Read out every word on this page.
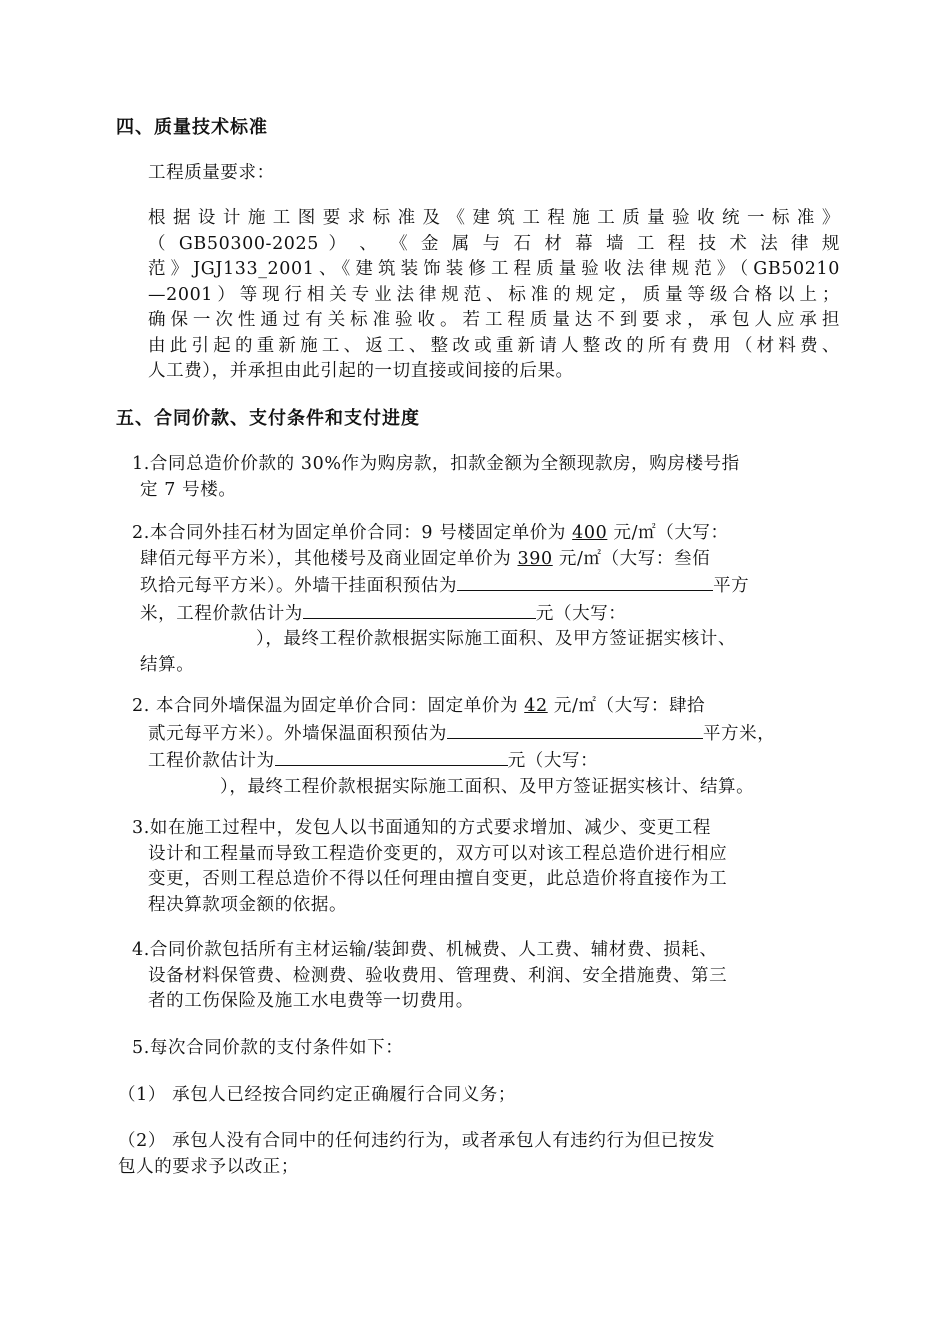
四、质量技术标准
工程质量要求：
根据设计施工图要求标准及《建筑工程施工质量验收统一标准》
（ GB50300-2025 ） 、 《 金 属 与 石 材 幕 墙 工 程 技 术 法 律 规
范》JGJ133_2001、《建筑装饰装修工程质量验收法律规范》（GB50210
—2001）等现行相关专业法律规范、标准的规定，质量等级合格以上；
确保一次性通过有关标准验收。若工程质量达不到要求，承包人应承担
由此引起的重新施工、返工、整改或重新请人整改的所有费用（材料费、
人工费），并承担由此引起的一切直接或间接的后果。
五、合同价款、支付条件和支付进度
1.合同总造价价款的 30%作为购房款，扣款金额为全额现款房，购房楼号指
定 7 号楼。
2.本合同外挂石材为固定单价合同：9 号楼固定单价为 400 元/㎡（大写：
肆佰元每平方米），其他楼号及商业固定单价为 390 元/㎡（大写：叁佰
玖拾元每平方米）。外墙干挂面积预估为	平方
米，工程价款估计为	元（大写：
），最终工程价款根据实际施工面积、及甲方签证据实核计、
结算。
2. 本合同外墙保温为固定单价合同：固定单价为 42 元/㎡（大写：肆拾
贰元每平方米）。外墙保温面积预估为	平方米，
工程价款估计为	元（大写：
），最终工程价款根据实际施工面积、及甲方签证据实核计、结算。
3.如在施工过程中，发包人以书面通知的方式要求增加、减少、变更工程
设计和工程量而导致工程造价变更的，双方可以对该工程总造价进行相应
变更，否则工程总造价不得以任何理由擅自变更，此总造价将直接作为工
程决算款项金额的依据。
4.合同价款包括所有主材运输/装卸费、机械费、人工费、辅材费、损耗、
设备材料保管费、检测费、验收费用、管理费、利润、安全措施费、第三
者的工伤保险及施工水电费等一切费用。
5.每次合同价款的支付条件如下：
（1） 承包人已经按合同约定正确履行合同义务；
（2） 承包人没有合同中的任何违约行为，或者承包人有违约行为但已按发
包人的要求予以改正；
